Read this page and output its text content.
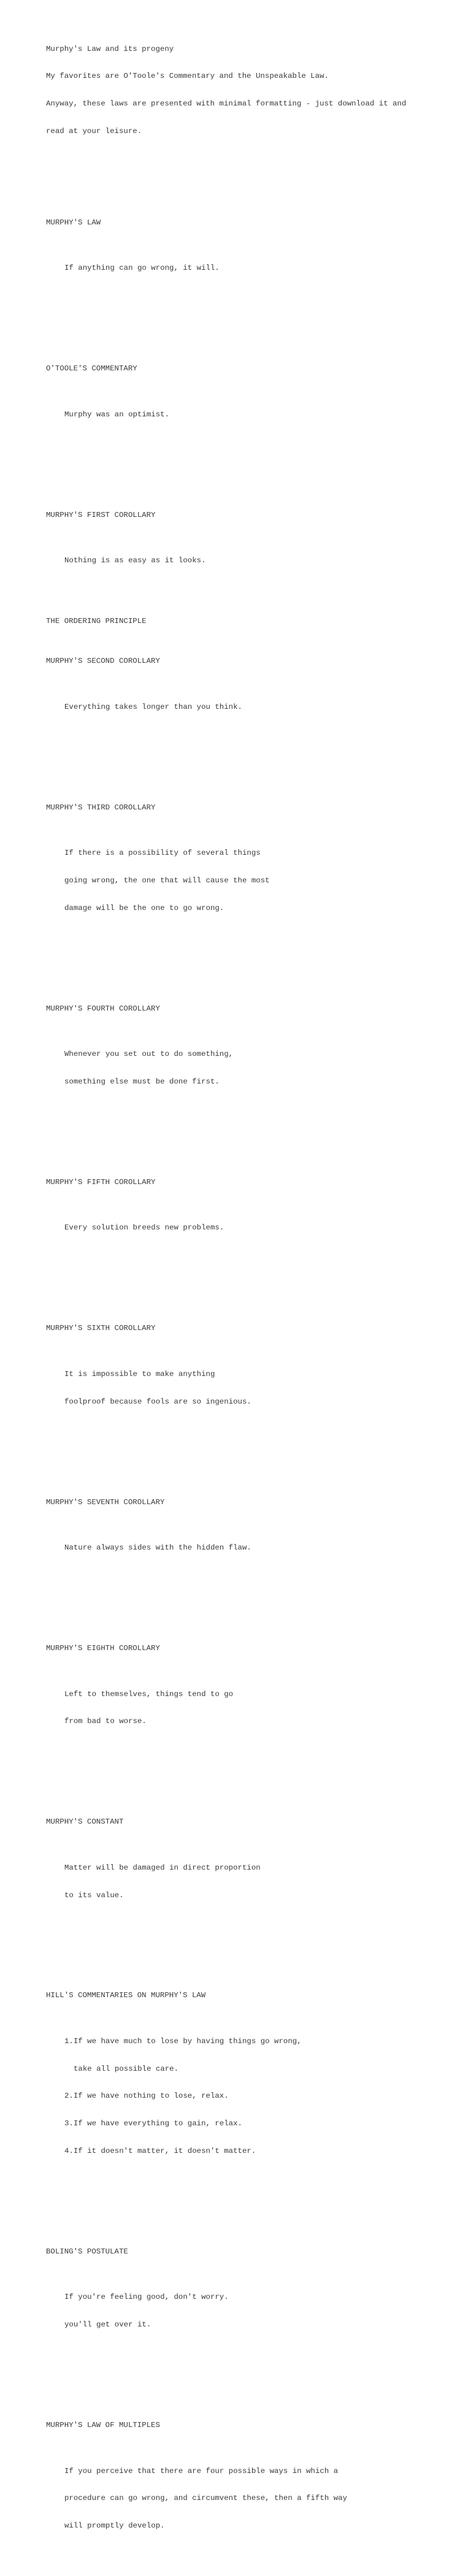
Murphy's Law and its progeny

My favorites are O'Toole's Commentary and the Unspeakable Law.

Anyway, these laws are presented with minimal formatting - just download it and

read at your leisure.

MURPHY'S LAW

If anything can go wrong, it will.

O'TOOLE'S COMMENTARY

Murphy was an optimist.

MURPHY'S FIRST COROLLARY

Nothing is as easy as it looks.

MURPHY'S SECOND COROLLARY

Everything takes longer than you think.

MURPHY'S THIRD COROLLARY

If there is a possibility of several things

going wrong, the one that will cause the most

damage will be the one to go wrong.

MURPHY'S FOURTH COROLLARY

Whenever you set out to do something,

something else must be done first.

MURPHY'S FIFTH COROLLARY

Every solution breeds new problems.

MURPHY'S SIXTH COROLLARY

It is impossible to make anything

foolproof because fools are so ingenious.

MURPHY'S SEVENTH COROLLARY

Nature always sides with the hidden flaw.

MURPHY'S EIGHTH COROLLARY

Left to themselves, things tend to go

from bad to worse.

MURPHY'S CONSTANT

Matter will be damaged in direct proportion

to its value.

HILL'S COMMENTARIES ON MURPHY'S LAW

1.If we have much to lose by having things go wrong,

take all possible care.

2.If we have nothing to lose, relax.

3.If we have everything to gain, relax.

4.If it doesn't matter, it doesn't matter.

BOLING'S POSTULATE

If you're feeling good, don't worry.

you'll get over it.

MURPHY'S LAW OF MULTIPLES

If you perceive that there are four possible ways in which a

procedure can go wrong, and circumvent these, then a fifth way

will promptly develop.

THE ORDERING PRINCIPLE
